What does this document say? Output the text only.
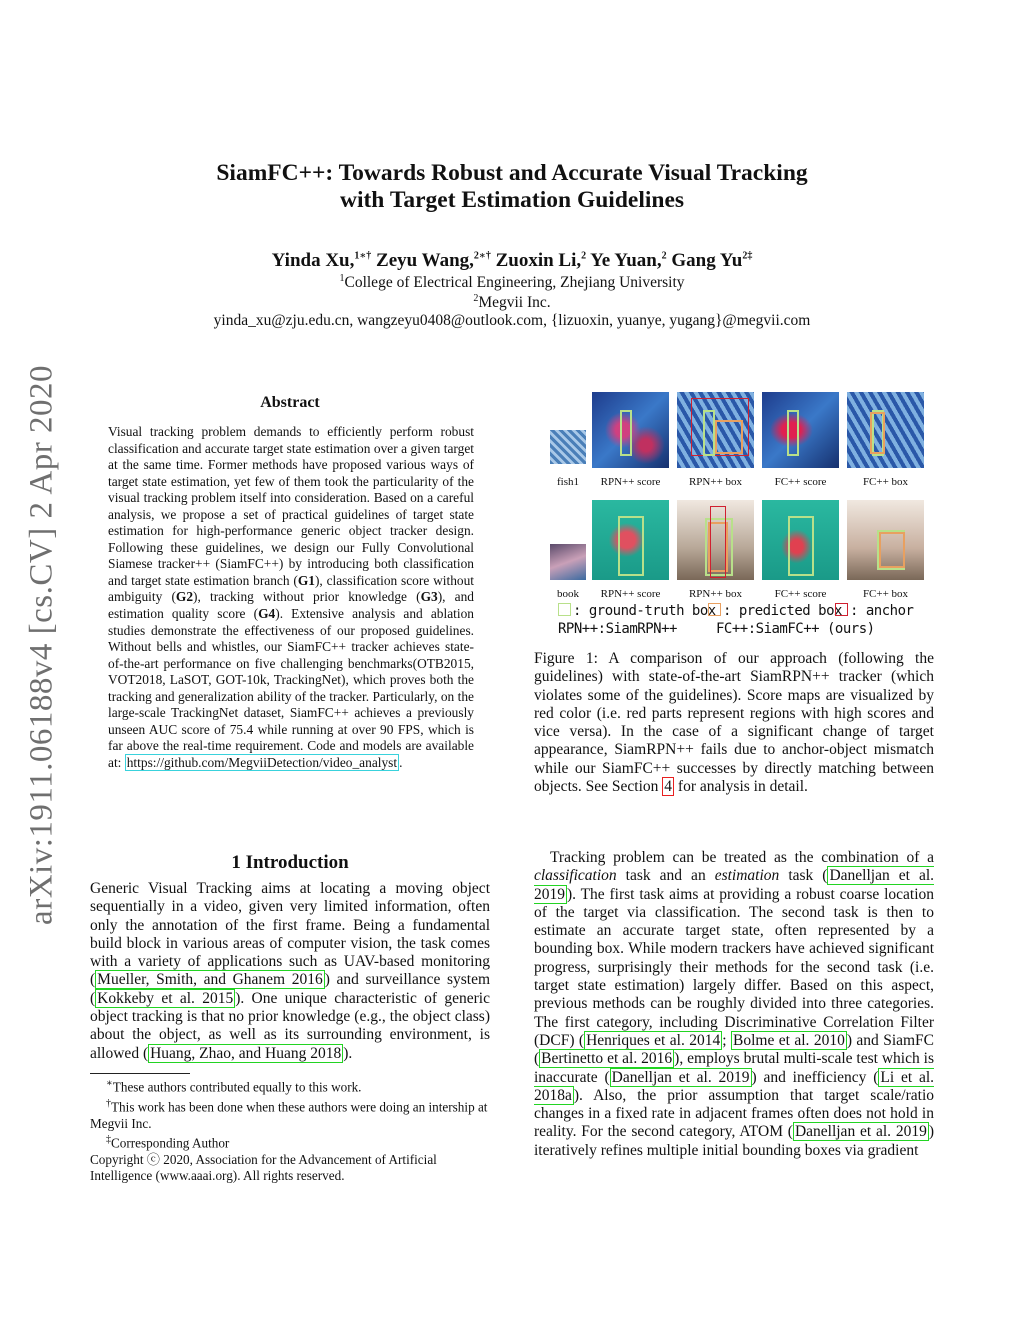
arXiv:1911.06188v4 [cs.CV] 2 Apr 2020
SiamFC++: Towards Robust and Accurate Visual Tracking
with Target Estimation Guidelines
Yinda Xu,$^{1∗\dagger}$ Zeyu Wang,$^{2∗\dagger}$ Zuoxin Li,$^2$ Ye Yuan,$^2$ Gang $Yu^{2\ddagger}$
$^1$College of Electrical Engineering, Zhejiang University
$^2$Megvii Inc.
yinda_xu@zju.edu.cn, wangzeyu0408@outlook.com, {lizuoxin, yuanye, yugang}@megvii.com
Abstract
Visual tracking problem demands to efficiently perform robust classification and accurate target state estimation over a given target at the same time. Former methods have proposed various ways of target state estimation, yet few of them took the particularity of the visual tracking problem itself into consideration. Based on a careful analysis, we propose a set of practical guidelines of target state estimation for high-performance generic object tracker design. Following these guidelines, we design our Fully Convolutional Siamese tracker++ (SiamFC++) by introducing both classification and target state estimation branch (G1), classification score without ambiguity (G2), tracking without prior knowledge (G3), and estimation quality score (G4). Extensive analysis and ablation studies demonstrate the effectiveness of our proposed guidelines. Without bells and whistles, our SiamFC++ tracker achieves state-of-the-art performance on five challenging benchmarks(OTB2015, VOT2018, LaSOT, GOT-10k, TrackingNet), which proves both the tracking and generalization ability of the tracker. Particularly, on the large-scale TrackingNet dataset, SiamFC++ achieves a previously unseen AUC score of 75.4 while running at over 90 FPS, which is far above the real-time requirement. Code and models are available at: https://github.com/MegviiDetection/video_analyst .
fish1	RPN++ score	RPN++ box	FC++ score	FC++ box
book	RPN++ score	RPN++ box	FC++ score	FC++ box
: ground-truth box : predicted box : anchor
RPN++:SiamRPN++	FC++:SiamFC++ (ours)
Figure 1: A comparison of our approach (following the guidelines) with state-of-the-art SiamRPN++ tracker (which violates some of the guidelines). Score maps are visualized by red color (i.e. red parts represent regions with high scores and vice versa). In the case of a significant change of target appearance, SiamRPN++ fails due to anchor-object mismatch while our SiamFC++ successes by directly matching between objects. See Section 4 for analysis in detail.
1 Introduction
Generic Visual Tracking aims at locating a moving object sequentially in a video, given very limited information, often only the annotation of the first frame. Being a fundamental build block in various areas of computer vision, the task comes with a variety of applications such as UAV-based monitoring ( Mueller, Smith, and Ghanem 2016 ) and surveillance system ( Kokkeby et al. 2015 ). One unique characteristic of generic object tracking is that no prior knowledge (e.g., the object class) about the object, as well as its surrounding environment, is allowed ( Huang, Zhao, and Huang 2018 ).
∗These authors contributed equally to this work.
†This work has been done when these authors were doing an intership at Megvii Inc.
‡Corresponding Author
Copyright ⓒ 2020, Association for the Advancement of Artificial Intelligence (www.aaai.org). All rights reserved.

Tracking problem can be treated as the combination of a classification task and an estimation task ( Danelljan et al. 2019 ). The first task aims at providing a robust coarse location of the target via classification. The second task is then to estimate an accurate target state, often represented by a bounding box. While modern trackers have achieved significant progress, surprisingly their methods for the second task (i.e. target state estimation) largely differ. Based on this aspect, previous methods can be roughly divided into three categories. The first category, including Discriminative Correlation Filter (DCF) ( Henriques et al. 2014 ; Bolme et al. 2010 ) and SiamFC ( Bertinetto et al. 2016 ), employs brutal multi-scale test which is inaccurate ( Danelljan et al. 2019 ) and inefficiency ( Li et al. 2018a ). Also, the prior assumption that target scale/ratio changes in a fixed rate in adjacent frames often does not hold in reality. For the second category, ATOM ( Danelljan et al. 2019 ) iteratively refines multiple initial bounding boxes via gradient
